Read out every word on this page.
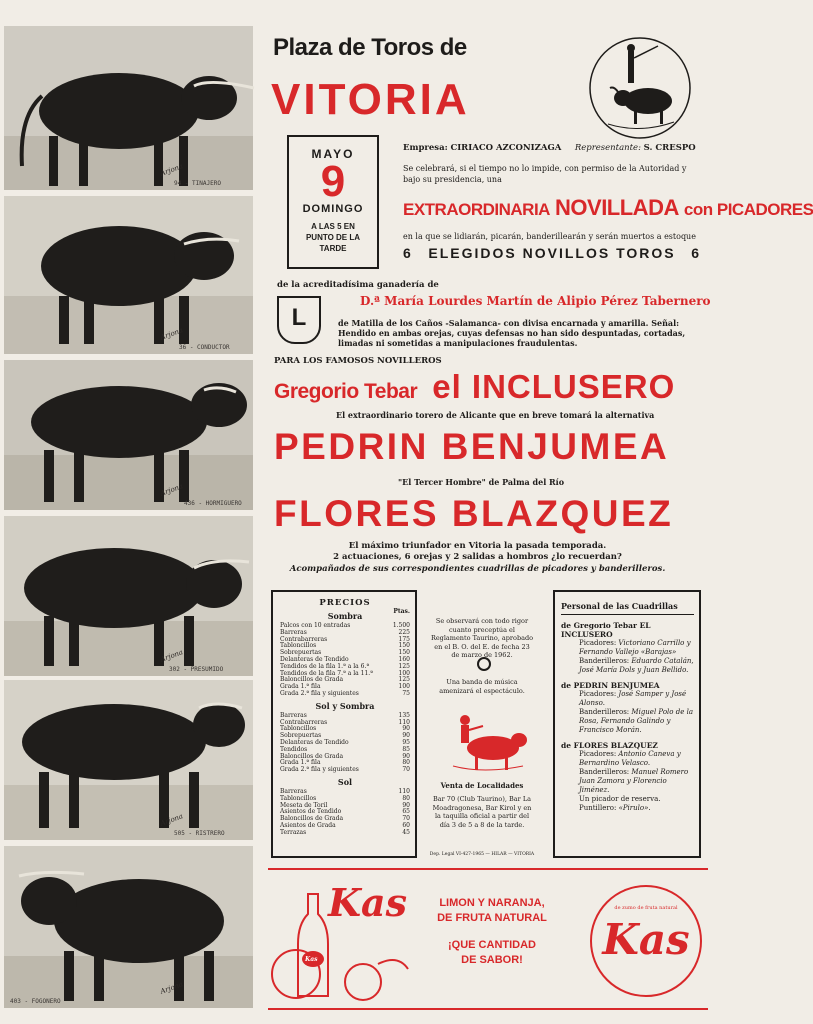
Arjona
94 - TINAJERO
Arjona
36 - CONDUCTOR
Arjona
436 - HORMIGUERO
Arjona
302 - PRESUMIDO
Arjona
505 - RISTRERO
Arjona
403 - FOGONERO
Plaza de Toros de
VITORIA
MAYO
9
DOMINGO
A LAS 5 EN PUNTO DE LA TARDE
Empresa: CIRIACO AZCONIZAGA Representante: S. CRESPO
Se celebrará, si el tiempo no lo impide, con permiso de la Autoridad y bajo su presidencia, una
EXTRAORDINARIA NOVILLADA con PICADORES
en la que se lidiarán, picarán, banderillearán y serán muertos a estoque
6 ELEGIDOS NOVILLOS TOROS 6
de la acreditadísima ganadería de
L
D.ª María Lourdes Martín de Alipio Pérez Tabernero
de Matilla de los Caños -Salamanca- con divisa encarnada y amarilla. Señal: Hendido en ambas orejas, cuyas defensas no han sido despuntadas, cortadas, limadas ni sometidas a manipulaciones fraudulentas.
PARA LOS FAMOSOS NOVILLEROS
Gregorio Tebar el INCLUSERO
El extraordinario torero de Alicante que en breve tomará la alternativa
PEDRIN BENJUMEA
"El Tercer Hombre" de Palma del Río
FLORES BLAZQUEZ
El máximo triunfador en Vitoria la pasada temporada.
2 actuaciones, 6 orejas y 2 salidas a hombros ¿lo recuerdan?
Acompañados de sus correspondientes cuadrillas de picadores y banderilleros.
PRECIOS
Ptas.
Sombra
Palcos con 10 entradas	1.500
Barreras	225
Contrabarreras	175
Tabloncillos	150
Sobrepuertas	150
Delanteras de Tendido	160
Tendidos de la fila 1.ª a la 6.ª	125
Tendidos de la fila 7.ª a la 11.ª	100
Baloncillos de Grada	125
Grada 1.ª fila	100
Grada 2.ª fila y siguientes	75
Sol y Sombra
Barreras	135
Contrabarreras	110
Tabloncillos	90
Sobrepuertas	90
Delanteras de Tendido	95
Tendidos	85
Baloncillos de Grada	90
Grada 1.ª fila	80
Grada 2.ª fila y siguientes	70
Sol
Barreras	110
Tabloncillos	80
Meseta de Toril	90
Asientos de Tendido	65
Baloncillos de Grada	70
Asientos de Grada	60
Terrazas	45
Se observará con todo rigor cuanto preceptúa el Reglamento Taurino, aprobado en el B. O. del E. de fecha 23 de marzo de 1962.
Una banda de música amenizará el espectáculo.
Venta de Localidades
Bar 70 (Club Taurino), Bar La Moadragonesa, Bar Kirol y en la taquilla oficial a partir del día 3 de 5 a 8 de la tarde.
Dep. Legal VI-427-1965 — HILAR — VITORIA

Personal de las Cuadrillas

de Gregorio Tebar EL INCLUSERO

Picadores: Victoriano Carrillo y Fernando Vallejo «Barajas»

Banderilleros: Eduardo Catalán, José María Dols y Juan Bellido.

de PEDRIN BENJUMEA

Picadores: José Samper y José Alonso.

Banderilleros: Miguel Polo de la Rosa, Fernando Galindo y Francisco Morán.

de FLORES BLAZQUEZ

Picadores: Antonio Caneva y Bernardino Velasco.

Banderilleros: Manuel Romero Juan Zamora y Florencio Jiménez.

Un picador de reserva.

Puntillero: «Pirulo».

Kas
Kas	LIMON Y NARANJA,
DE FRUTA NATURAL
¡QUE CANTIDAD
DE SABOR!
de zumo de fruta natural
Kas
